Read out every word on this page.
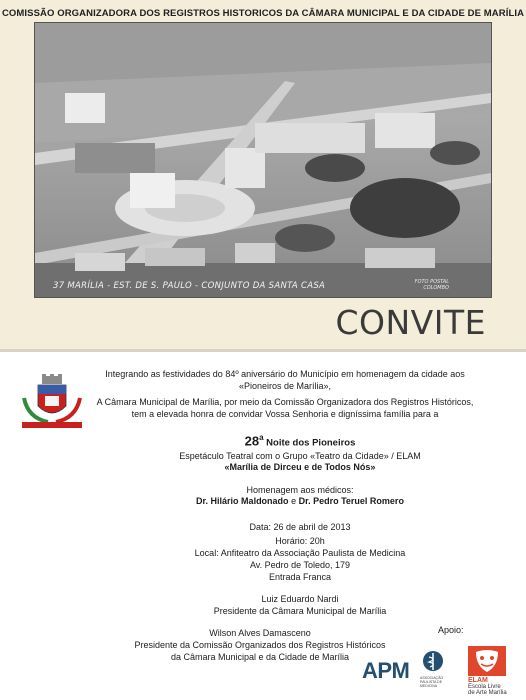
COMISSÃO ORGANIZADORA DOS REGISTROS HISTORICOS DA CÂMARA MUNICIPAL E DA CIDADE DE MARÍLIA
37 MARÍLIA - EST. DE S. PAULO - CONJUNTO DA SANTA CASA	FOTO POSTAL
COLOMBO
CONVITE
Integrando as festividades do 84º aniversário do Município em homenagem da cidade aos
«Pioneiros de Marília»,
A Câmara Municipal de Marília, por meio da Comissão Organizadora dos Registros Históricos,
tem a elevada honra de convidar Vossa Senhoria e digníssima família para a
28$^a$ Noite dos Pioneiros
Espetáculo Teatral com o Grupo «Teatro da Cidade» / ELAM
«Marília de Dirceu e de Todos Nós»
Homenagem aos médicos:
Dr. Hilário Maldonado e Dr. Pedro Teruel Romero
Data: 26 de abril de 2013
Horário: 20h
Local: Anfiteatro da Associação Paulista de Medicina
Av. Pedro de Toledo, 179
Entrada Franca
Luiz Eduardo Nardi
Presidente da Câmara Municipal de Marília
Wilson Alves Damasceno
Presidente da Comissão Organizados dos Registros Históricos
da Câmara Municipal e da Cidade de Marília
Apoio:
APM	ASSOCIAÇÃO PAULISTA DE MEDICINA
ELAM
Escola Livre
de Arte Marília
